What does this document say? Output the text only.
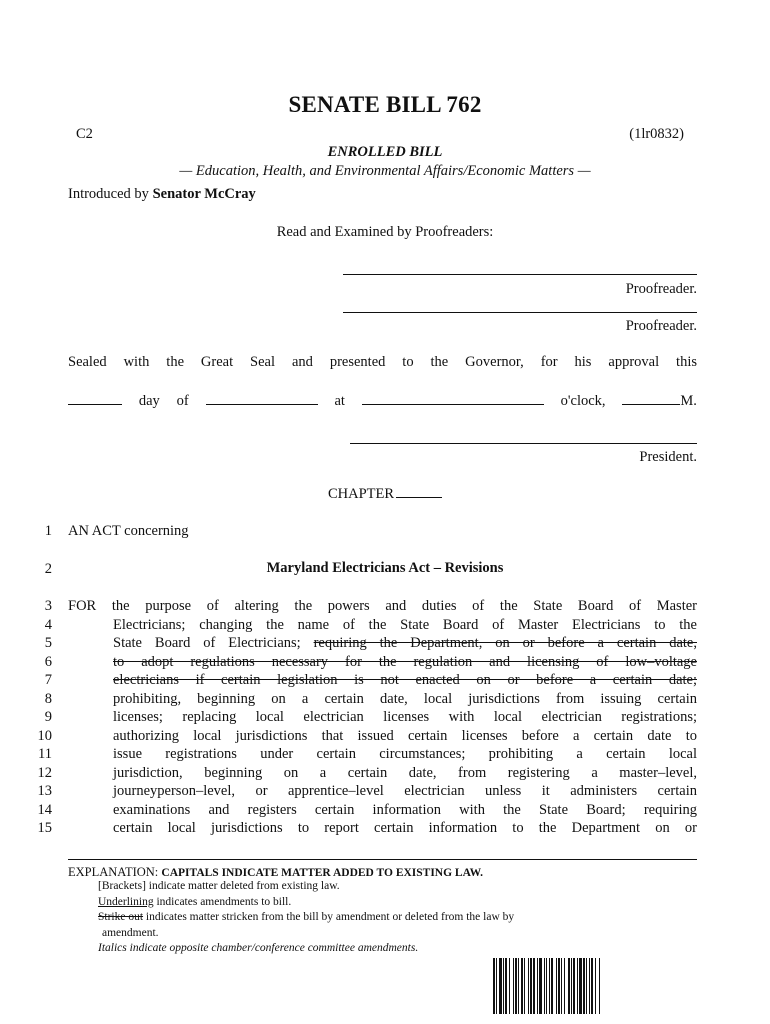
SENATE BILL 762
C2	(1lr0832)
ENROLLED BILL
— Education, Health, and Environmental Affairs/Economic Matters —
Introduced by Senator McCray
Read and Examined by Proofreaders:
Proofreader.
Proofreader.
Sealed with the Great Seal and presented to the Governor, for his approval this
day of	at	o'clock,	M.
President.
CHAPTER
1 AN ACT concerning
2	Maryland Electricians Act – Revisions
3 FOR the purpose of altering the powers and duties of the State Board of Master
4	Electricians; changing the name of the State Board of Master Electricians to the
5	State Board of Electricians; requiring the Department, on or before a certain date,
6	to adopt regulations necessary for the regulation and licensing of low–voltage
7	electricians if certain legislation is not enacted on or before a certain date;
8	prohibiting, beginning on a certain date, local jurisdictions from issuing certain
9	licenses; replacing local electrician licenses with local electrician registrations;
10	authorizing local jurisdictions that issued certain licenses before a certain date to
11	issue registrations under certain circumstances; prohibiting a certain local
12	jurisdiction, beginning on a certain date, from registering a master–level,
13	journeyperson–level, or apprentice–level electrician unless it administers certain
14	examinations and registers certain information with the State Board; requiring
15	certain local jurisdictions to report certain information to the Department on or
EXPLANATION: CAPITALS INDICATE MATTER ADDED TO EXISTING LAW.
[Brackets] indicate matter deleted from existing law.
Underlining indicates amendments to bill.
Strike out indicates matter stricken from the bill by amendment or deleted from the law by
amendment.
Italics indicate opposite chamber/conference committee amendments.
